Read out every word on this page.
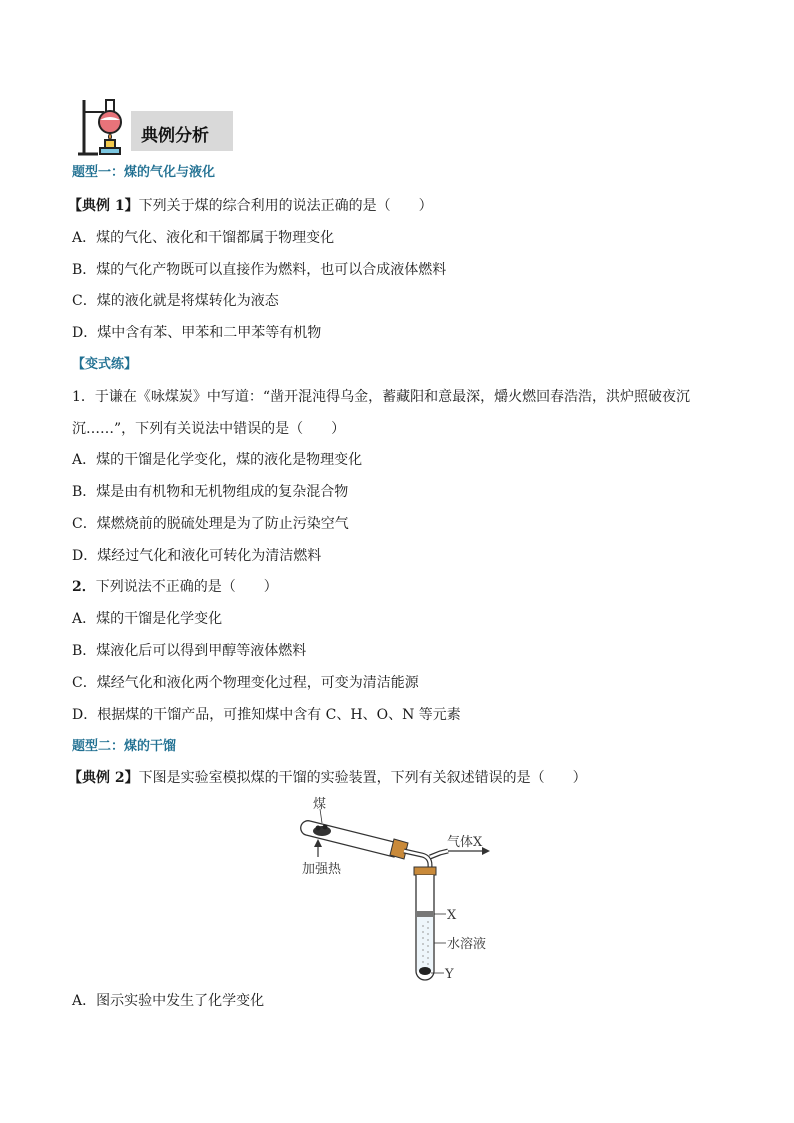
典例分析
题型一：煤的气化与液化
【典例 1】下列关于煤的综合利用的说法正确的是（　　）
A．煤的气化、液化和干馏都属于物理变化
B．煤的气化产物既可以直接作为燃料，也可以合成液体燃料
C．煤的液化就是将煤转化为液态
D．煤中含有苯、甲苯和二甲苯等有机物
【变式练】
1．于谦在《咏煤炭》中写道：“凿开混沌得乌金，蓄藏阳和意最深，爝火燃回春浩浩，洪炉照破夜沉
沉……”，下列有关说法中错误的是（　　）
A．煤的干馏是化学变化，煤的液化是物理变化
B．煤是由有机物和无机物组成的复杂混合物
C．煤燃烧前的脱硫处理是为了防止污染空气
D．煤经过气化和液化可转化为清洁燃料
2．下列说法不正确的是（　　）
A．煤的干馏是化学变化
B．煤液化后可以得到甲醇等液体燃料
C．煤经气化和液化两个物理变化过程，可变为清洁能源
D．根据煤的干馏产品，可推知煤中含有 C、H、O、N 等元素
题型二：煤的干馏
【典例 2】下图是实验室模拟煤的干馏的实验装置，下列有关叙述错误的是（　　）
煤
加强热
气体X
X
水溶液
Y
A．图示实验中发生了化学变化
